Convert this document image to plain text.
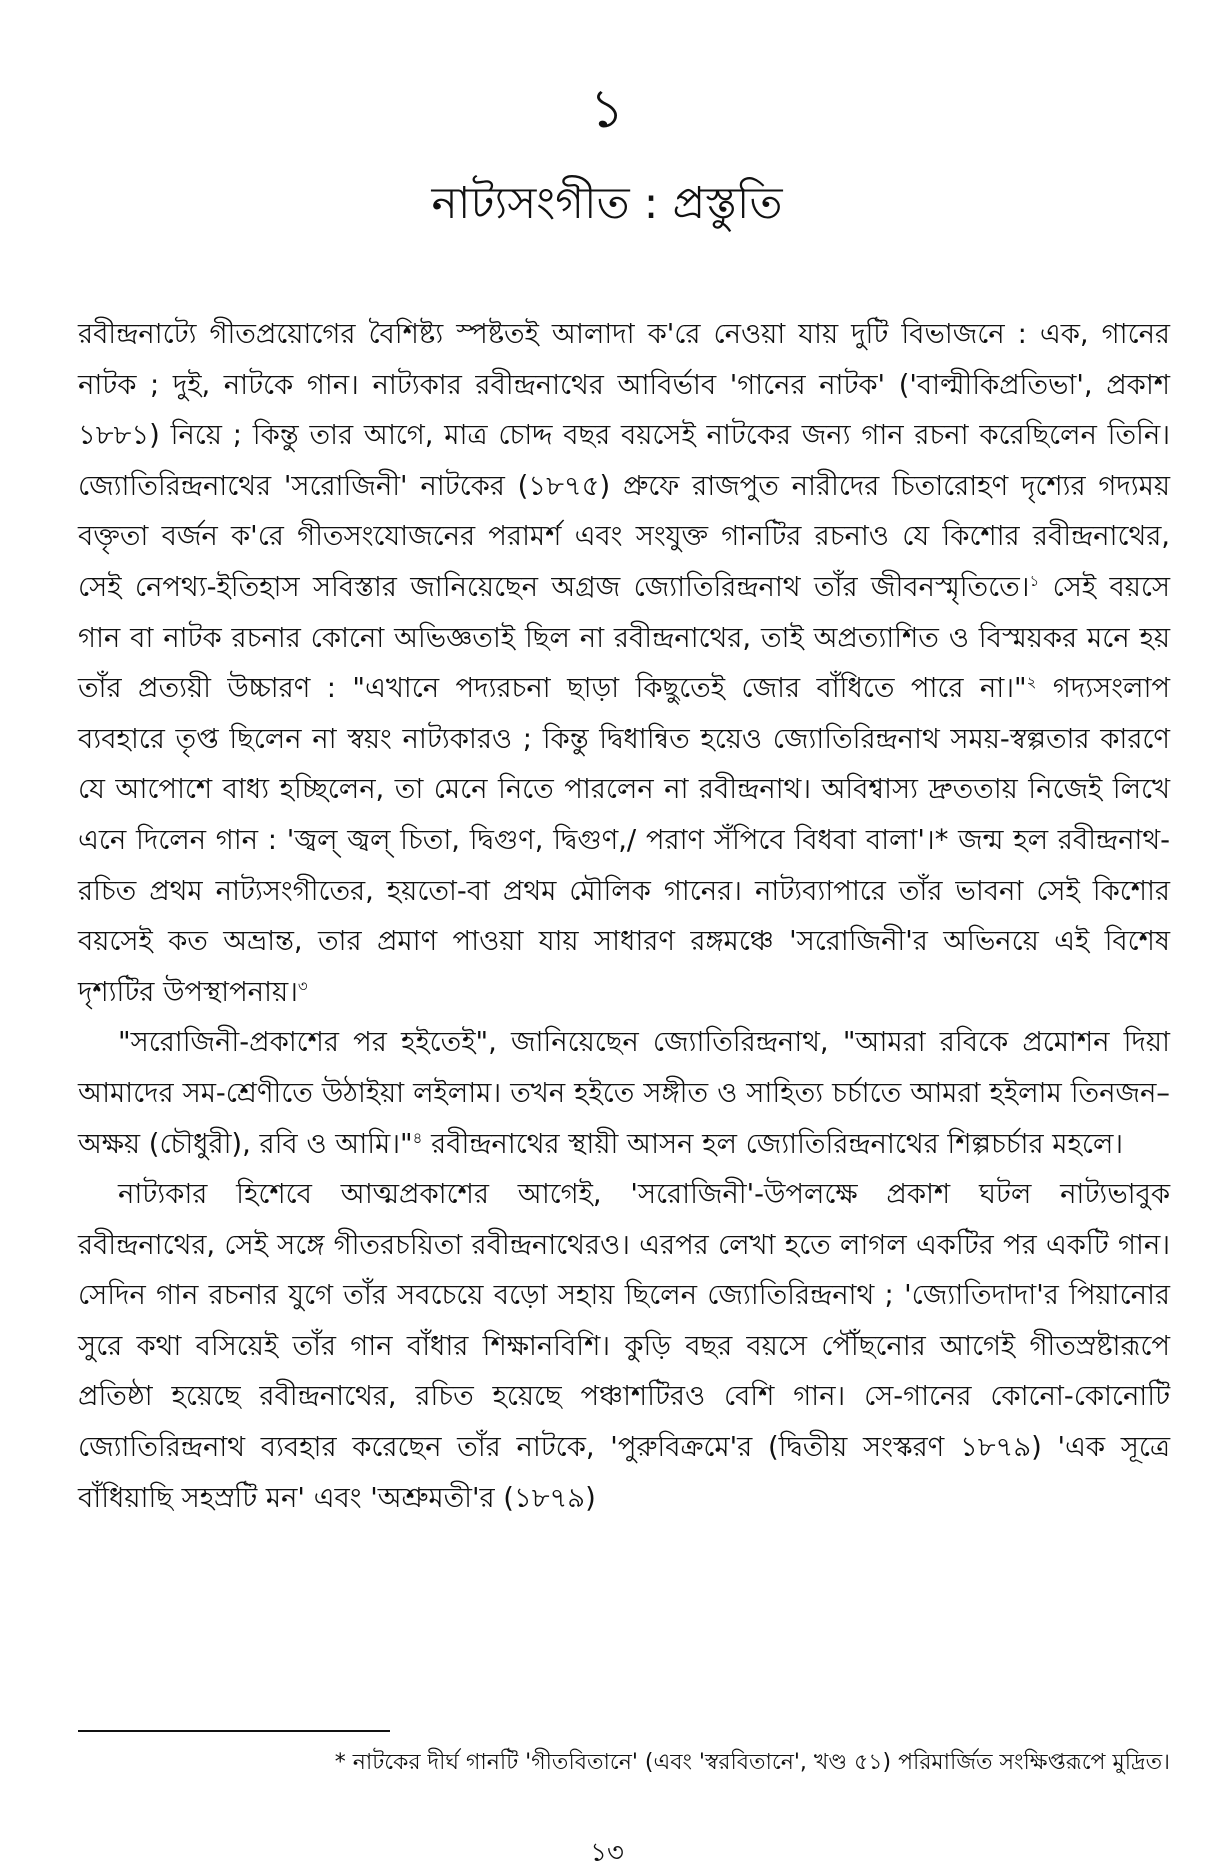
১
নাট্যসংগীত : প্রস্তুতি

রবীন্দ্রনাট্যে গীতপ্রয়োগের বৈশিষ্ট্য স্পষ্টতই আলাদা ক'রে নেওয়া যায় দুটি বিভাজনে : এক, গানের নাটক ; দুই, নাটকে গান। নাট্যকার রবীন্দ্রনাথের আবির্ভাব 'গানের নাটক' ('বাল্মীকিপ্রতিভা', প্রকাশ ১৮৮১) নিয়ে ; কিন্তু তার আগে, মাত্র চোদ্দ বছর বয়সেই নাটকের জন্য গান রচনা করেছিলেন তিনি। জ্যোতিরিন্দ্রনাথের 'সরোজিনী' নাটকের (১৮৭৫) প্রুফে রাজপুত নারীদের চিতারোহণ দৃশ্যের গদ্যময় বক্তৃতা বর্জন ক'রে গীতসংযোজনের পরামর্শ এবং সংযুক্ত গানটির রচনাও যে কিশোর রবীন্দ্রনাথের, সেই নেপথ্য-ইতিহাস সবিস্তার জানিয়েছেন অগ্রজ জ্যোতিরিন্দ্রনাথ তাঁর জীবনস্মৃতিতে।$^১$ সেই বয়সে গান বা নাটক রচনার কোনো অভিজ্ঞতাই ছিল না রবীন্দ্রনাথের, তাই অপ্রত্যাশিত ও বিস্ময়কর মনে হয় তাঁর প্রত্যয়ী উচ্চারণ : "এখানে পদ্যরচনা ছাড়া কিছুতেই জোর বাঁধিতে পারে না।"$^২$ গদ্যসংলাপ ব্যবহারে তৃপ্ত ছিলেন না স্বয়ং নাট্যকারও ; কিন্তু দ্বিধান্বিত হয়েও জ্যোতিরিন্দ্রনাথ সময়-স্বল্পতার কারণে যে আপোশে বাধ্য হচ্ছিলেন, তা মেনে নিতে পারলেন না রবীন্দ্রনাথ। অবিশ্বাস্য দ্রুততায় নিজেই লিখে এনে দিলেন গান : 'জ্বল্ জ্বল্ চিতা, দ্বিগুণ, দ্বিগুণ,/ পরাণ সঁপিবে বিধবা বালা'।* জন্ম হল রবীন্দ্রনাথ-রচিত প্রথম নাট্যসংগীতের, হয়তো-বা প্রথম মৌলিক গানের। নাট্যব্যাপারে তাঁর ভাবনা সেই কিশোর বয়সেই কত অভ্রান্ত, তার প্রমাণ পাওয়া যায় সাধারণ রঙ্গমঞ্চে 'সরোজিনী'র অভিনয়ে এই বিশেষ দৃশ্যটির উপস্থাপনায়।$^৩$

"সরোজিনী-প্রকাশের পর হইতেই", জানিয়েছেন জ্যোতিরিন্দ্রনাথ, "আমরা রবিকে প্রমোশন দিয়া আমাদের সম-শ্রেণীতে উঠাইয়া লইলাম। তখন হইতে সঙ্গীত ও সাহিত্য চর্চাতে আমরা হইলাম তিনজন– অক্ষয় (চৌধুরী), রবি ও আমি।"$^৪$ রবীন্দ্রনাথের স্থায়ী আসন হল জ্যোতিরিন্দ্রনাথের শিল্পচর্চার মহলে।

নাট্যকার হিশেবে আত্মপ্রকাশের আগেই, 'সরোজিনী'-উপলক্ষে প্রকাশ ঘটল নাট্যভাবুক রবীন্দ্রনাথের, সেই সঙ্গে গীতরচয়িতা রবীন্দ্রনাথেরও। এরপর লেখা হতে লাগল একটির পর একটি গান। সেদিন গান রচনার যুগে তাঁর সবচেয়ে বড়ো সহায় ছিলেন জ্যোতিরিন্দ্রনাথ ; 'জ্যোতিদাদা'র পিয়ানোর সুরে কথা বসিয়েই তাঁর গান বাঁধার শিক্ষানবিশি। কুড়ি বছর বয়সে পৌঁছনোর আগেই গীতস্রষ্টারূপে প্রতিষ্ঠা হয়েছে রবীন্দ্রনাথের, রচিত হয়েছে পঞ্চাশটিরও বেশি গান। সে-গানের কোনো-কোনোটি জ্যোতিরিন্দ্রনাথ ব্যবহার করেছেন তাঁর নাটকে, 'পুরুবিক্রমে'র (দ্বিতীয় সংস্করণ ১৮৭৯) 'এক সূত্রে বাঁধিয়াছি সহস্রটি মন' এবং 'অশ্রুমতী'র (১৮৭৯)

* নাটকের দীর্ঘ গানটি 'গীতবিতানে' (এবং 'স্বরবিতানে', খণ্ড ৫১) পরিমার্জিত সংক্ষিপ্তরূপে মুদ্রিত।
১৩
